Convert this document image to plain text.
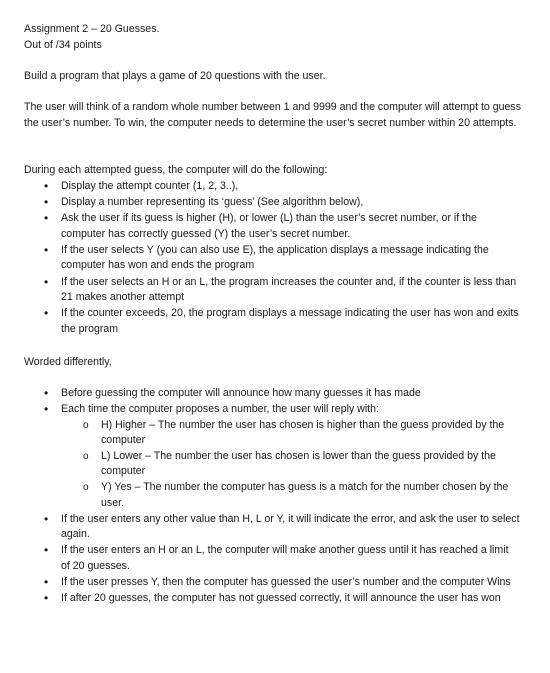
Assignment 2 – 20 Guesses.

Out of /34 points

Build a program that plays a game of 20 questions with the user.

The user will think of a random whole number between 1 and 9999 and the computer will attempt to guess the user’s number. To win, the computer needs to determine the user’s secret number within 20 attempts.

During each attempted guess, the computer will do the following:

• Display the attempt counter (1, 2, 3..),
• Display a number representing its ‘guess’ (See algorithm below),
• Ask the user if its guess is higher (H), or lower (L) than the user’s secret number, or if the computer has correctly guessed (Y) the user’s secret number.
• If the user selects Y (you can also use E), the application displays a message indicating the computer has won and ends the program
• If the user selects an H or an L, the program increases the counter and, if the counter is less than 21 makes another attempt
• If the counter exceeds, 20, the program displays a message indicating the user has won and exits the program

Worded differently,

• Before guessing the computer will announce how many guesses it has made
• Each time the computer proposes a number, the user will reply with:
o H) Higher – The number the user has chosen is higher than the guess provided by the computer
o L) Lower – The number the user has chosen is lower than the guess provided by the computer
o Y) Yes – The number the computer has guess is a match for the number chosen by the user.
• If the user enters any other value than H, L or Y, it will indicate the error, and ask the user to select again.
• If the user enters an H or an L, the computer will make another guess until it has reached a limit of 20 guesses.
• If the user presses Y, then the computer has guessed the user’s number and the computer Wins
• If after 20 guesses, the computer has not guessed correctly, it will announce the user has won
